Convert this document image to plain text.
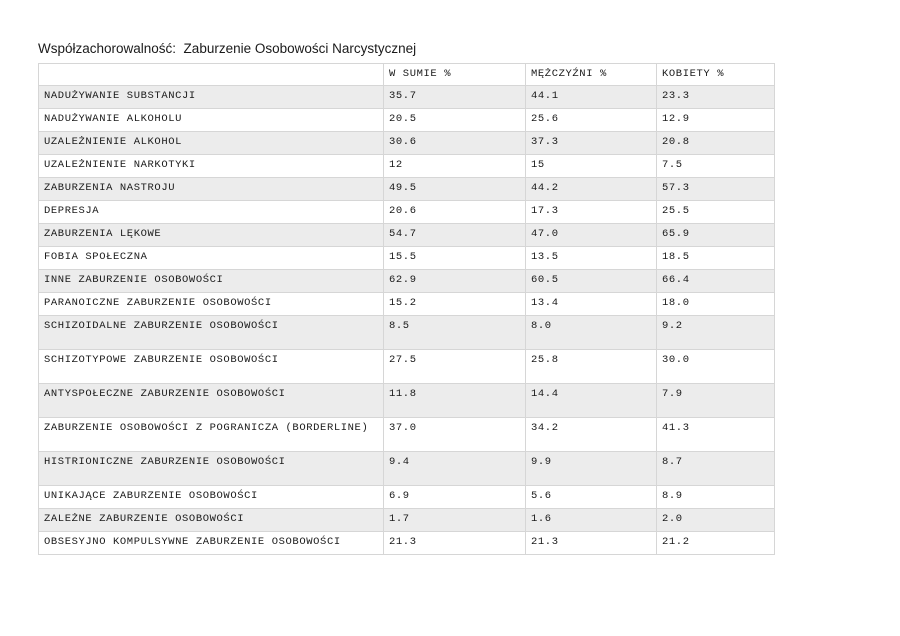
Współzachorowalność:  Zaburzenie Osobowości Narcystycznej
	W SUMIE %	MĘŻCZYŹNI %	KOBIETY %
NADUŻYWANIE SUBSTANCJI	35.7	44.1	23.3
NADUŻYWANIE ALKOHOLU	20.5	25.6	12.9
UZALEŻNIENIE ALKOHOL	30.6	37.3	20.8
UZALEŻNIENIE NARKOTYKI	12	15	7.5
ZABURZENIA NASTROJU	49.5	44.2	57.3
DEPRESJA	20.6	17.3	25.5
ZABURZENIA LĘKOWE	54.7	47.0	65.9
FOBIA SPOŁECZNA	15.5	13.5	18.5
INNE ZABURZENIE OSOBOWOŚCI	62.9	60.5	66.4
PARANOICZNE ZABURZENIE OSOBOWOŚCI	15.2	13.4	18.0
SCHIZOIDALNE ZABURZENIE OSOBOWOŚCI	8.5	8.0	9.2
SCHIZOTYPOWE ZABURZENIE OSOBOWOŚCI	27.5	25.8	30.0
ANTYSPOŁECZNE ZABURZENIE OSOBOWOŚCI	11.8	14.4	7.9
ZABURZENIE OSOBOWOŚCI Z POGRANICZA (BORDERLINE)	37.0	34.2	41.3
HISTRIONICZNE ZABURZENIE OSOBOWOŚCI	9.4	9.9	8.7
UNIKAJĄCE ZABURZENIE OSOBOWOŚCI	6.9	5.6	8.9
ZALEŻNE ZABURZENIE OSOBOWOŚCI	1.7	1.6	2.0
OBSESYJNO KOMPULSYWNE ZABURZENIE OSOBOWOŚCI	21.3	21.3	21.2
